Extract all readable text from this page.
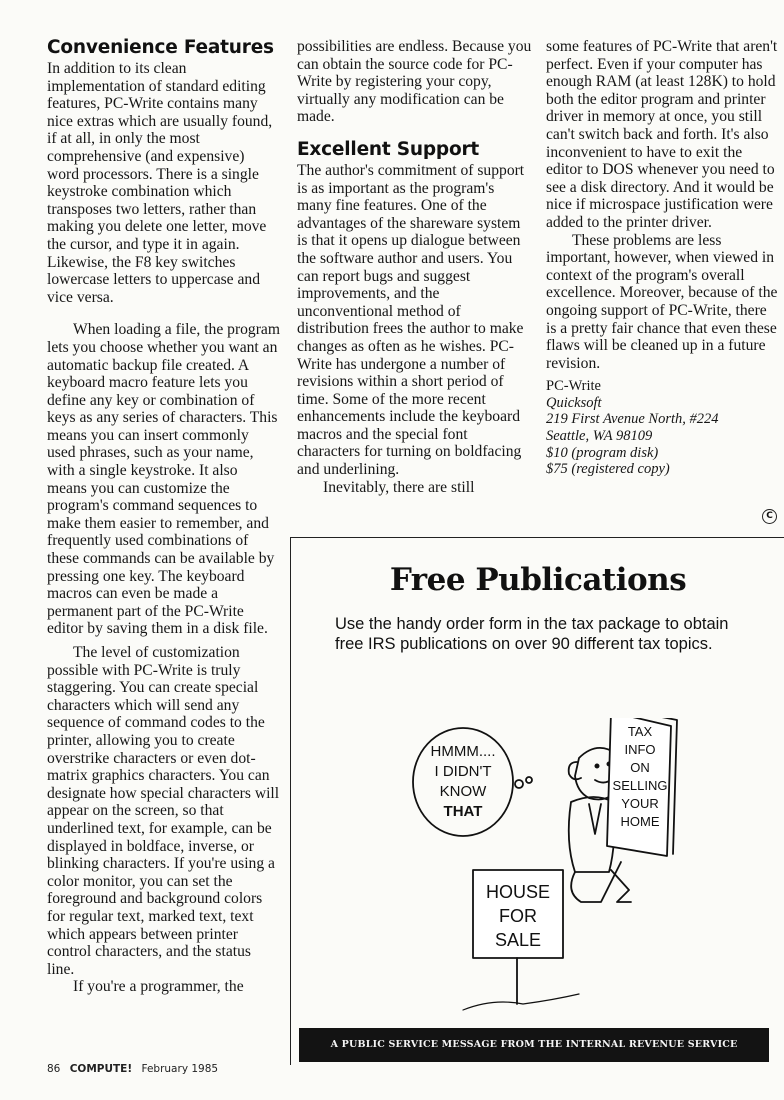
Convenience Features

In addition to its clean implementation of standard editing features, PC-Write contains many nice extras which are usually found, if at all, in only the most comprehensive (and expensive) word processors. There is a single keystroke combination which transposes two letters, rather than making you delete one letter, move the cursor, and type it in again. Likewise, the F8 key switches lowercase letters to uppercase and vice versa.

When loading a file, the program lets you choose whether you want an automatic backup file created. A keyboard macro feature lets you define any key or combination of keys as any series of characters. This means you can insert commonly used phrases, such as your name, with a single keystroke. It also means you can customize the program's command sequences to make them easier to remember, and frequently used combinations of these commands can be available by pressing one key. The keyboard macros can even be made a permanent part of the PC-Write editor by saving them in a disk file.

The level of customization possible with PC-Write is truly staggering. You can create special characters which will send any sequence of command codes to the printer, allowing you to create overstrike characters or even dot-matrix graphics characters. You can designate how special characters will appear on the screen, so that underlined text, for example, can be displayed in boldface, inverse, or blinking characters. If you're using a color monitor, you can set the foreground and background colors for regular text, marked text, text which appears between printer control characters, and the status line.

If you're a programmer, the

possibilities are endless. Because you can obtain the source code for PC-Write by registering your copy, virtually any modification can be made.

Excellent Support

The author's commitment of support is as important as the program's many fine features. One of the advantages of the shareware system is that it opens up dialogue between the software author and users. You can report bugs and suggest improvements, and the unconventional method of distribution frees the author to make changes as often as he wishes. PC-Write has undergone a number of revisions within a short period of time. Some of the more recent enhancements include the keyboard macros and the special font characters for turning on boldfacing and underlining.

Inevitably, there are still

some features of PC-Write that aren't perfect. Even if your computer has enough RAM (at least 128K) to hold both the editor program and printer driver in memory at once, you still can't switch back and forth. It's also inconvenient to have to exit the editor to DOS whenever you need to see a disk directory. And it would be nice if microspace justification were added to the printer driver.

These problems are less important, however, when viewed in context of the program's overall excellence. Moreover, because of the ongoing support of PC-Write, there is a pretty fair chance that even these flaws will be cleaned up in a future revision.

PC-Write
Quicksoft
219 First Avenue North, #224
Seattle, WA 98109
$10 (program disk)
$75 (registered copy)
C
Free Publications
Use the handy order form in the tax package to obtain free IRS publications on over 90 different tax topics.
HMMM....
I DIDN'T
KNOW
THAT
TAX
INFO
ON
SELLING
YOUR
HOME
HOUSE
FOR
SALE
A PUBLIC SERVICE MESSAGE FROM THE INTERNAL REVENUE SERVICE
86 COMPUTE! February 1985
